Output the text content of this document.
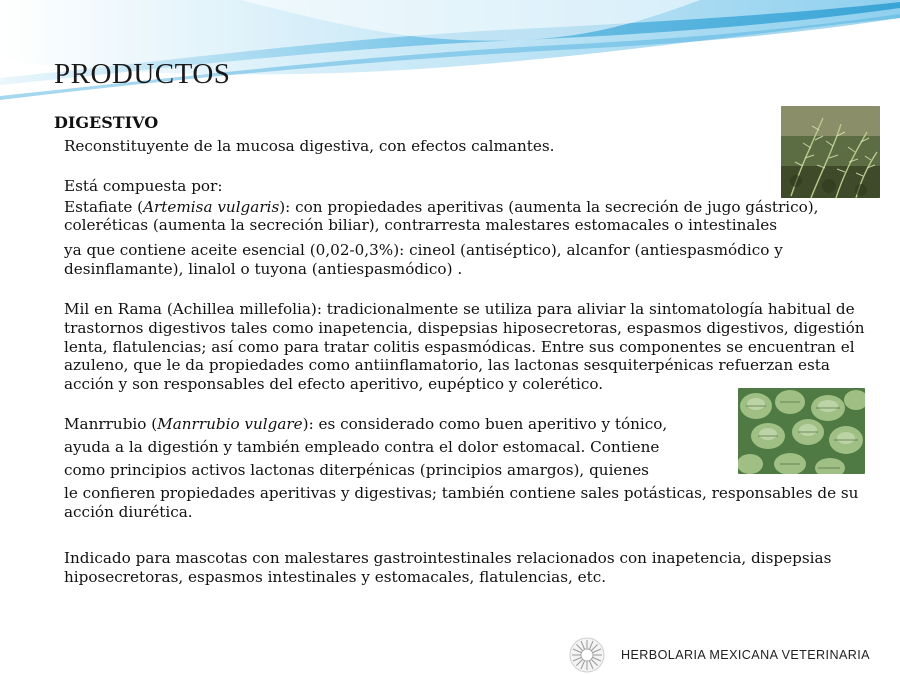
PRODUCTOS
DIGESTIVO

Reconstituyente de la mucosa digestiva, con efectos calmantes.

Está compuesta por:

Estafiate (Artemisa vulgaris): con propiedades aperitivas (aumenta la secreción de jugo gástrico),

coleréticas (aumenta la secreción biliar), contrarresta malestares estomacales o intestinales

ya que contiene aceite esencial (0,02-0,3%): cineol (antiséptico), alcanfor (antiespasmódico y

desinflamante), linalol o tuyona (antiespasmódico) .

Mil en Rama (Achillea millefolia): tradicionalmente se utiliza para aliviar la sintomatología habitual de

trastornos digestivos tales como inapetencia, dispepsias hiposecretoras, espasmos digestivos, digestión

lenta, flatulencias; así como para tratar colitis espasmódicas. Entre sus componentes se encuentran el

azuleno, que le da propiedades como antiinflamatorio, las lactonas sesquiterpénicas refuerzan esta

acción y son responsables del efecto aperitivo, eupéptico y colerético.

Manrrubio (Manrrubio vulgare): es considerado como buen aperitivo y tónico,

ayuda a la digestión y también empleado contra el dolor estomacal. Contiene

como principios activos lactonas diterpénicas (principios amargos), quienes

le confieren propiedades aperitivas y digestivas; también contiene sales potásticas, responsables de su

acción diurética.

Indicado para mascotas con malestares gastrointestinales relacionados con inapetencia, dispepsias

hiposecretoras, espasmos intestinales y estomacales, flatulencias, etc.

HERBOLARIA MEXICANA VETERINARIA
